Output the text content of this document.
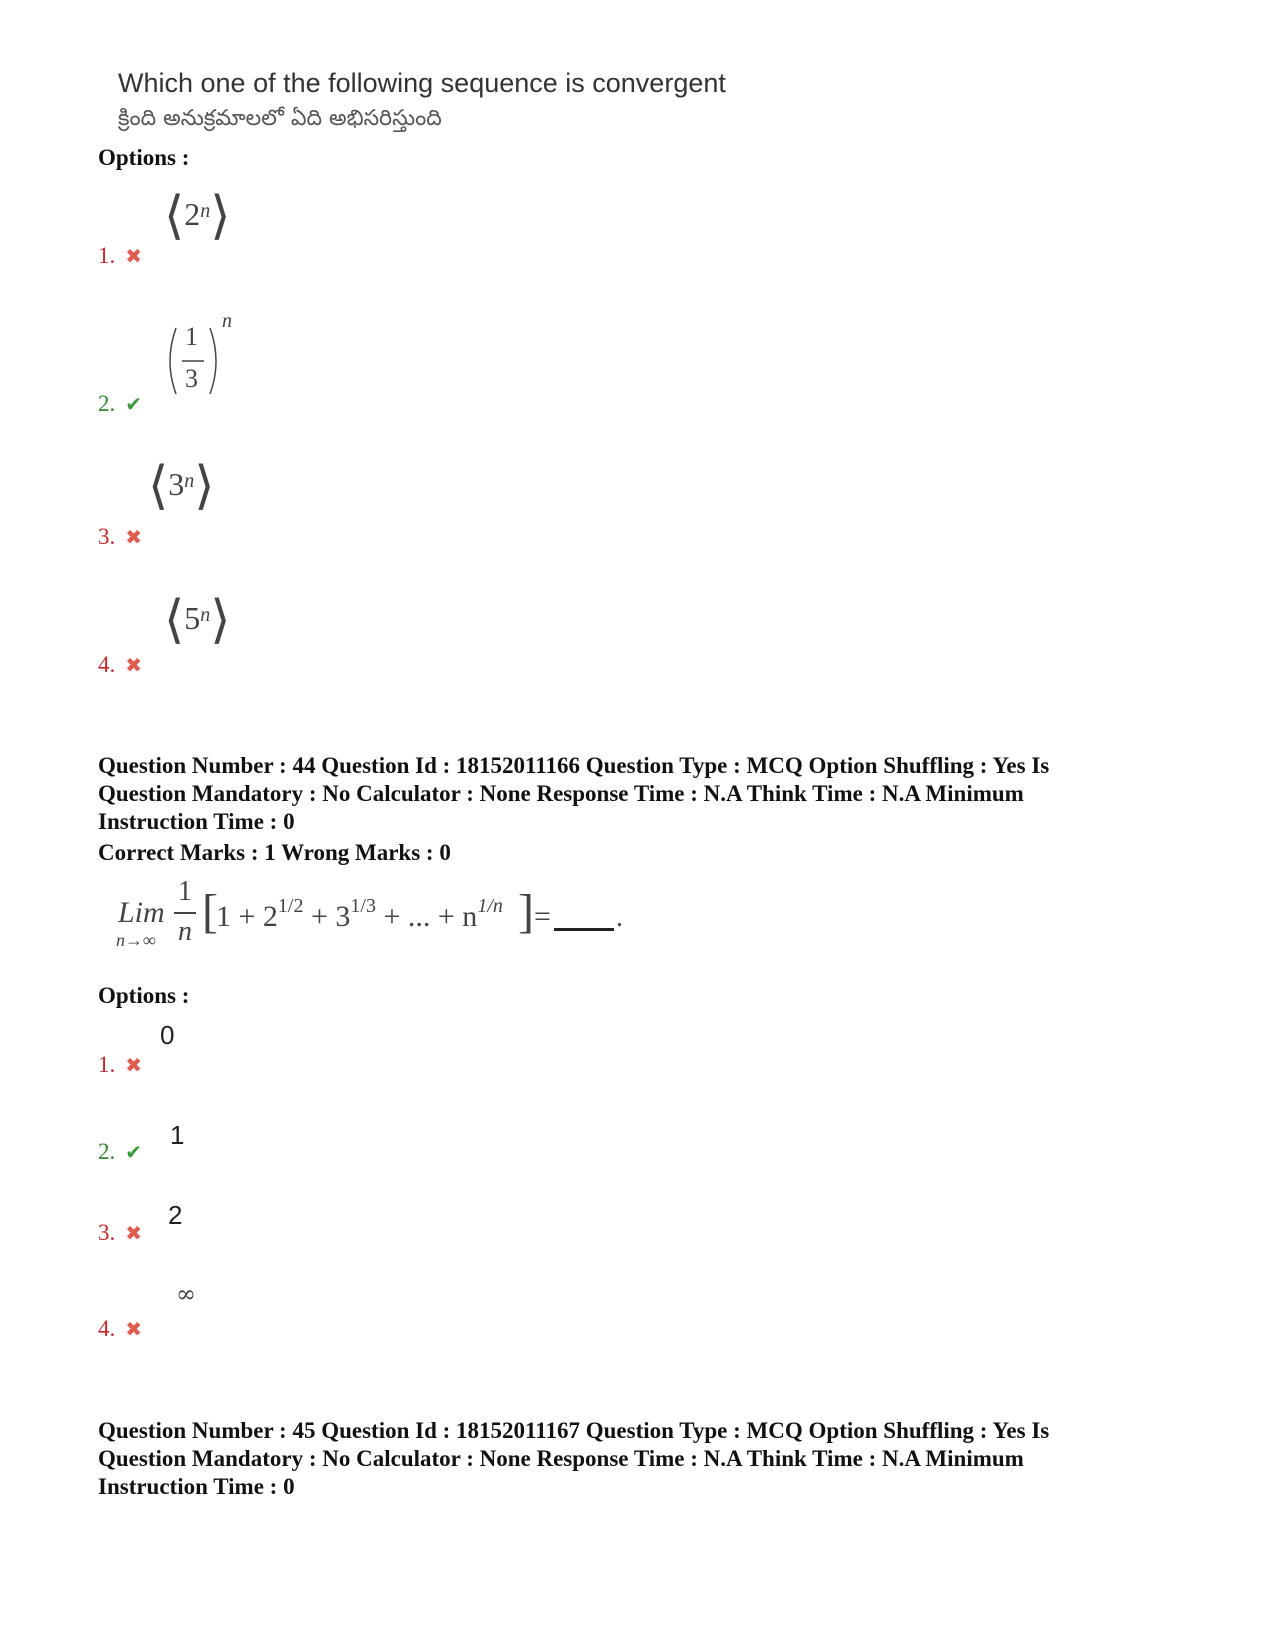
Which one of the following sequence is convergent
క్రింది అనుక్రమాలలో ఏది అభిసరిస్తుంది
Options :
⟨2n⟩
1. ✖
1
3
n
2. ✔
⟨3n⟩
3. ✖
⟨5n⟩
4. ✖
Question Number : 44 Question Id : 18152011166 Question Type : MCQ Option Shuffling : Yes Is
Question Mandatory : No Calculator : None Response Time : N.A Think Time : N.A Minimum
Instruction Time : 0
Correct Marks : 1 Wrong Marks : 0
Lim
n→∞
1
n [
$1 + 2^{1/2} + 3^{1/3}$ + ... + $n^{1/n}$ ] = .
Options :
0
1. ✖
1
2. ✔
2
3. ✖
∞
4. ✖
Question Number : 45 Question Id : 18152011167 Question Type : MCQ Option Shuffling : Yes Is
Question Mandatory : No Calculator : None Response Time : N.A Think Time : N.A Minimum
Instruction Time : 0
